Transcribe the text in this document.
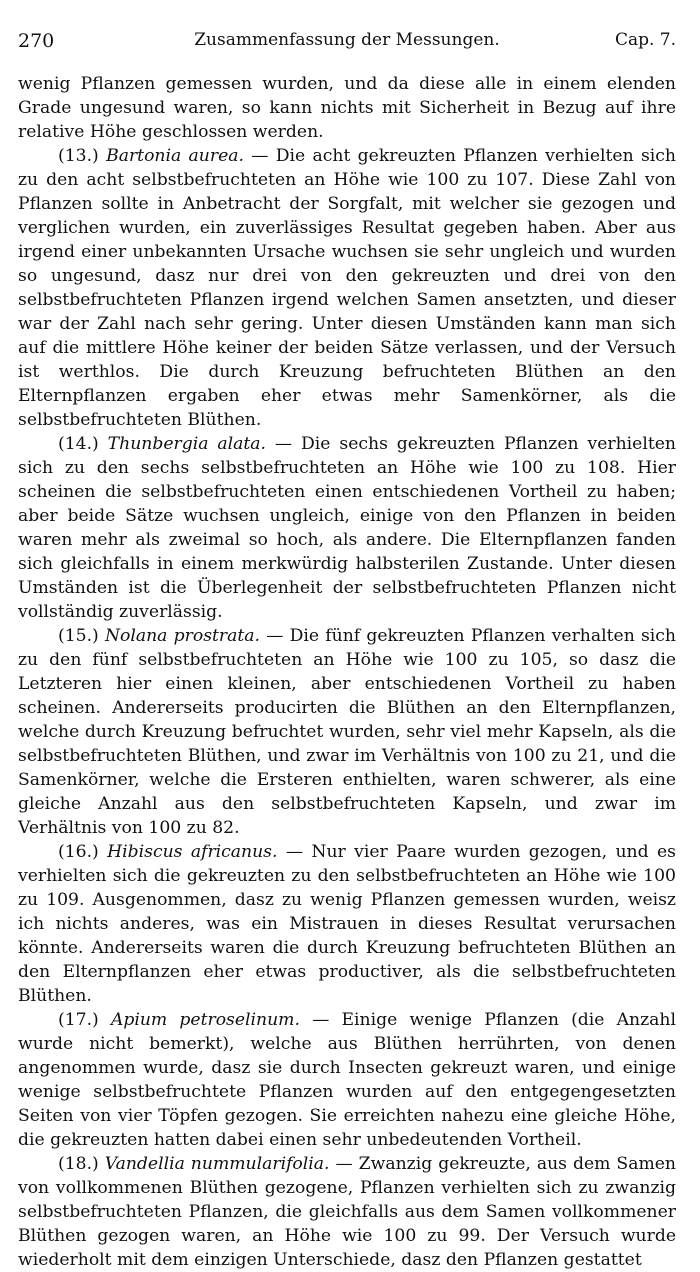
270	Zusammenfassung der Messungen.	Cap. 7.

wenig Pflanzen gemessen wurden, und da diese alle in einem elenden Grade ungesund waren, so kann nichts mit Sicherheit in Bezug auf ihre relative Höhe geschlossen werden.

(13.) Bartonia aurea. — Die acht gekreuzten Pflanzen verhielten sich zu den acht selbstbefruchteten an Höhe wie 100 zu 107. Diese Zahl von Pflanzen sollte in Anbetracht der Sorgfalt, mit welcher sie gezogen und verglichen wurden, ein zuverlässiges Resultat gegeben haben. Aber aus irgend einer unbekannten Ursache wuchsen sie sehr ungleich und wurden so ungesund, dasz nur drei von den gekreuzten und drei von den selbstbefruchteten Pflanzen irgend welchen Samen ansetzten, und dieser war der Zahl nach sehr gering. Unter diesen Umständen kann man sich auf die mittlere Höhe keiner der beiden Sätze verlassen, und der Versuch ist werthlos. Die durch Kreuzung befruchteten Blüthen an den Elternpflanzen ergaben eher etwas mehr Samenkörner, als die selbstbefruchteten Blüthen.

(14.) Thunbergia alata. — Die sechs gekreuzten Pflanzen verhielten sich zu den sechs selbstbefruchteten an Höhe wie 100 zu 108. Hier scheinen die selbstbefruchteten einen entschiedenen Vortheil zu haben; aber beide Sätze wuchsen ungleich, einige von den Pflanzen in beiden waren mehr als zweimal so hoch, als andere. Die Elternpflanzen fanden sich gleichfalls in einem merkwürdig halbsterilen Zustande. Unter diesen Umständen ist die Überlegenheit der selbstbefruchteten Pflanzen nicht vollständig zuverlässig.

(15.) Nolana prostrata. — Die fünf gekreuzten Pflanzen verhalten sich zu den fünf selbstbefruchteten an Höhe wie 100 zu 105, so dasz die Letzteren hier einen kleinen, aber entschiedenen Vortheil zu haben scheinen. Andererseits producirten die Blüthen an den Elternpflanzen, welche durch Kreuzung befruchtet wurden, sehr viel mehr Kapseln, als die selbstbefruchteten Blüthen, und zwar im Verhältnis von 100 zu 21, und die Samenkörner, welche die Ersteren enthielten, waren schwerer, als eine gleiche Anzahl aus den selbstbefruchteten Kapseln, und zwar im Verhältnis von 100 zu 82.

(16.) Hibiscus africanus. — Nur vier Paare wurden gezogen, und es verhielten sich die gekreuzten zu den selbstbefruchteten an Höhe wie 100 zu 109. Ausgenommen, dasz zu wenig Pflanzen gemessen wurden, weisz ich nichts anderes, was ein Mistrauen in dieses Resultat verursachen könnte. Andererseits waren die durch Kreuzung befruchteten Blüthen an den Elternpflanzen eher etwas productiver, als die selbstbefruchteten Blüthen.

(17.) Apium petroselinum. — Einige wenige Pflanzen (die Anzahl wurde nicht bemerkt), welche aus Blüthen herrührten, von denen angenommen wurde, dasz sie durch Insecten gekreuzt waren, und einige wenige selbstbefruchtete Pflanzen wurden auf den entgegengesetzten Seiten von vier Töpfen gezogen. Sie erreichten nahezu eine gleiche Höhe, die gekreuzten hatten dabei einen sehr unbedeutenden Vortheil.

(18.) Vandellia nummularifolia. — Zwanzig gekreuzte, aus dem Samen von vollkommenen Blüthen gezogene, Pflanzen verhielten sich zu zwanzig selbstbefruchteten Pflanzen, die gleichfalls aus dem Samen vollkommener Blüthen gezogen waren, an Höhe wie 100 zu 99. Der Versuch wurde wiederholt mit dem einzigen Unterschiede, dasz den Pflanzen gestattet
